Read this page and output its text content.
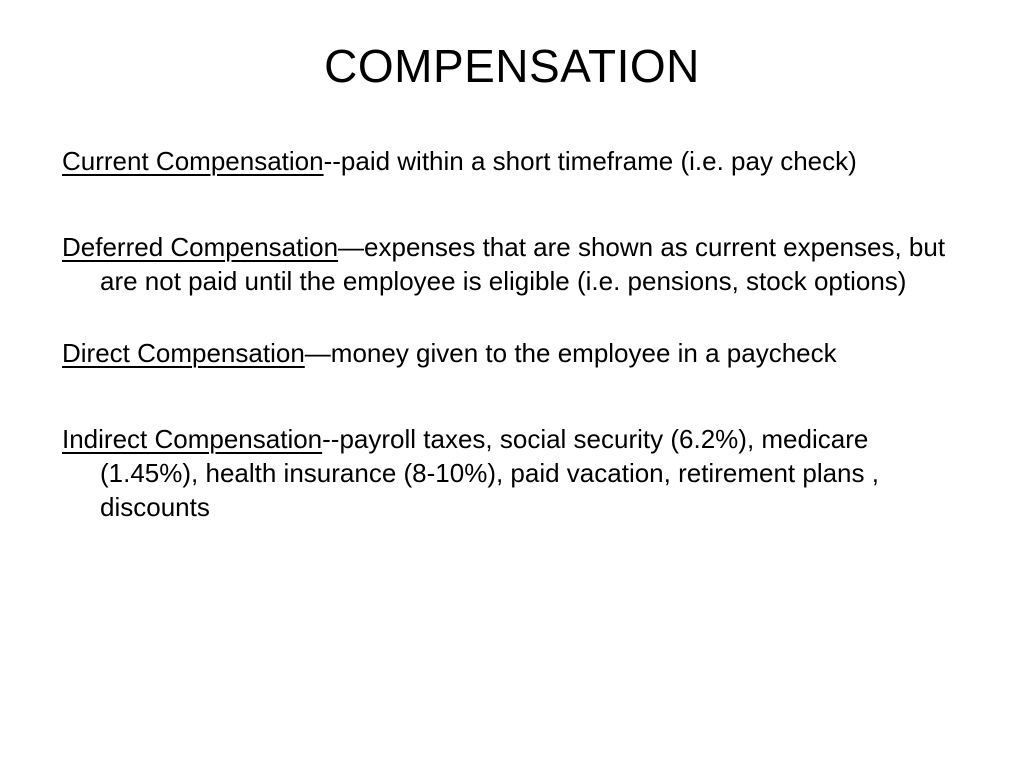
COMPENSATION
Current Compensation--paid within a short timeframe (i.e. pay check)
Deferred Compensation—expenses that are shown as current expenses, but are not paid until the employee is eligible (i.e. pensions, stock options)
Direct Compensation—money given to the employee in a paycheck
Indirect Compensation--payroll taxes, social security (6.2%), medicare (1.45%), health insurance (8-10%), paid vacation, retirement plans , discounts
